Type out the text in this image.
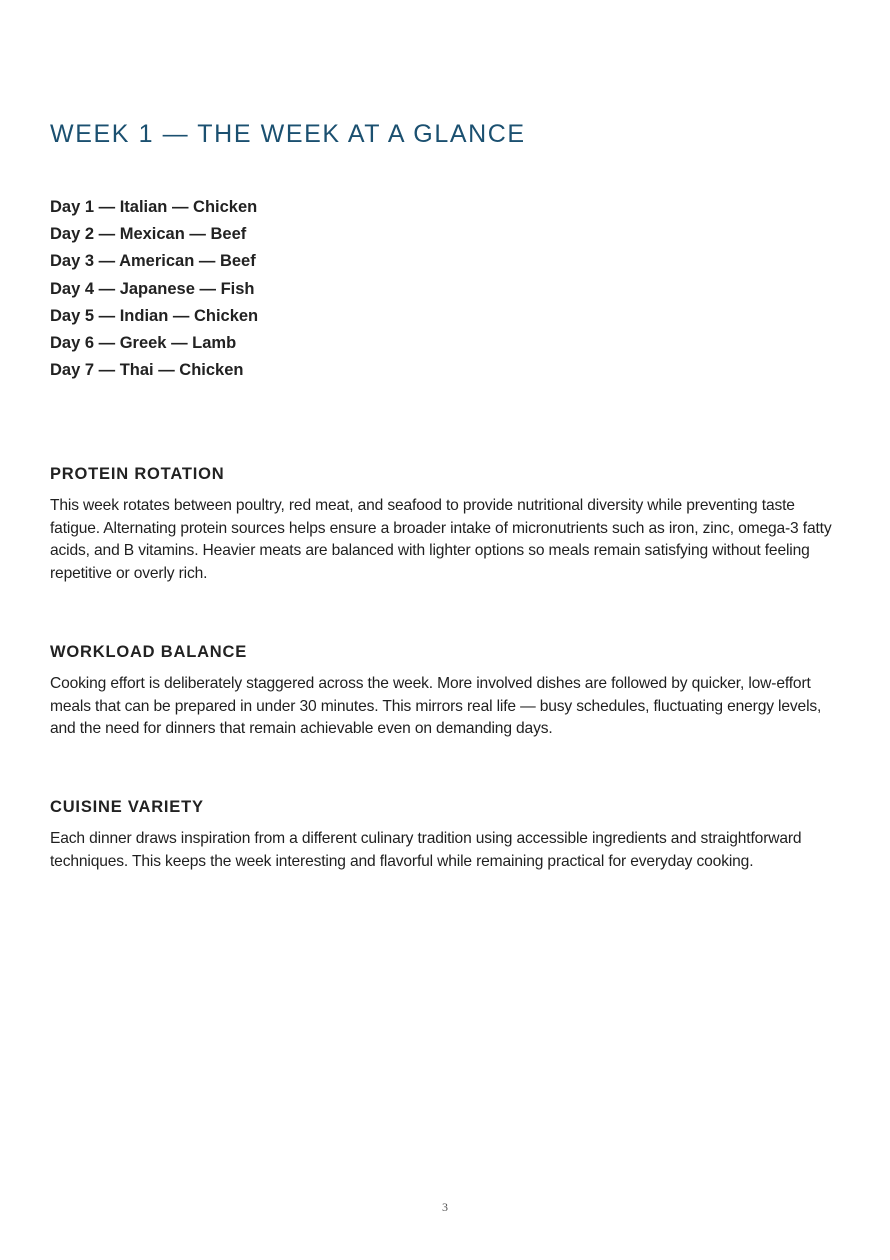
WEEK 1 — THE WEEK AT A GLANCE
Day 1 — Italian — Chicken
Day 2 — Mexican — Beef
Day 3 — American — Beef
Day 4 — Japanese — Fish
Day 5 — Indian — Chicken
Day 6 — Greek — Lamb
Day 7 — Thai — Chicken
PROTEIN ROTATION

This week rotates between poultry, red meat, and seafood to provide nutritional diversity while preventing taste fatigue. Alternating protein sources helps ensure a broader intake of micronutrients such as iron, zinc, omega-3 fatty acids, and B vitamins. Heavier meats are balanced with lighter options so meals remain satisfying without feeling repetitive or overly rich.

WORKLOAD BALANCE

Cooking effort is deliberately staggered across the week. More involved dishes are followed by quicker, low-effort meals that can be prepared in under 30 minutes. This mirrors real life — busy schedules, fluctuating energy levels, and the need for dinners that remain achievable even on demanding days.

CUISINE VARIETY

Each dinner draws inspiration from a different culinary tradition using accessible ingredients and straightforward techniques. This keeps the week interesting and flavorful while remaining practical for everyday cooking.

3
